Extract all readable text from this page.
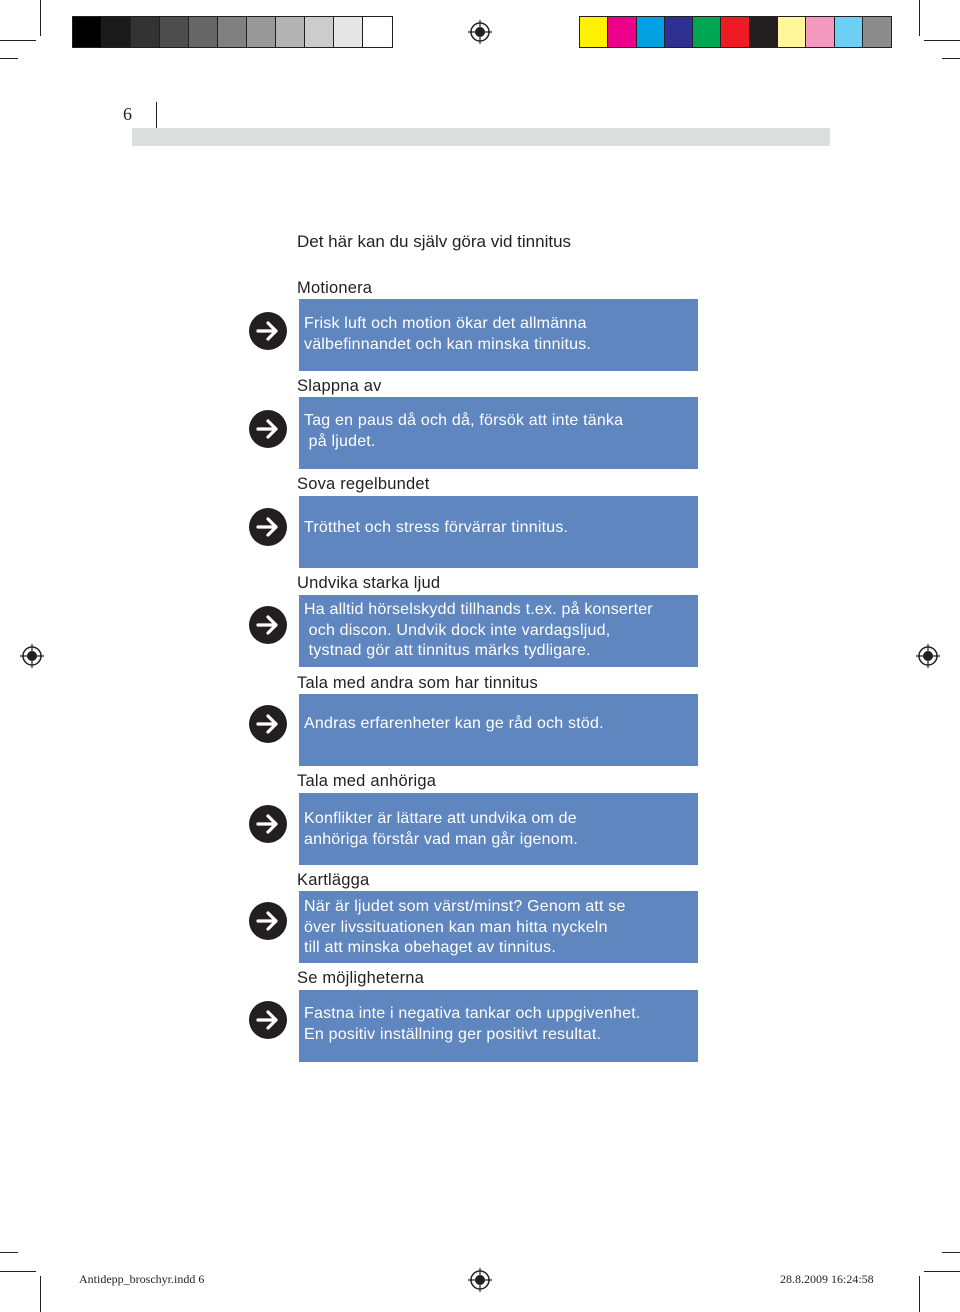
6
Det här kan du själv göra vid tinnitus
Motionera
Frisk luft och motion ökar det allmänna
välbefinnandet och kan minska tinnitus.
Slappna av
Tag en paus då och då, försök att inte tänka
på ljudet.
Sova regelbundet
Trötthet och stress förvärrar tinnitus.
Undvika starka ljud
Ha alltid hörselskydd tillhands t.ex. på konserter
och discon. Undvik dock inte vardagsljud,
tystnad gör att tinnitus märks tydligare.
Tala med andra som har tinnitus
Andras erfarenheter kan ge råd och stöd.
Tala med anhöriga
Konflikter är lättare att undvika om de
anhöriga förstår vad man går igenom.
Kartlägga
När är ljudet som värst/minst? Genom att se
över livssituationen kan man hitta nyckeln
till att minska obehaget av tinnitus.
Se möjligheterna
Fastna inte i negativa tankar och uppgivenhet.
En positiv inställning ger positivt resultat.
Antidepp_broschyr.indd 6	28.8.2009 16:24:58
